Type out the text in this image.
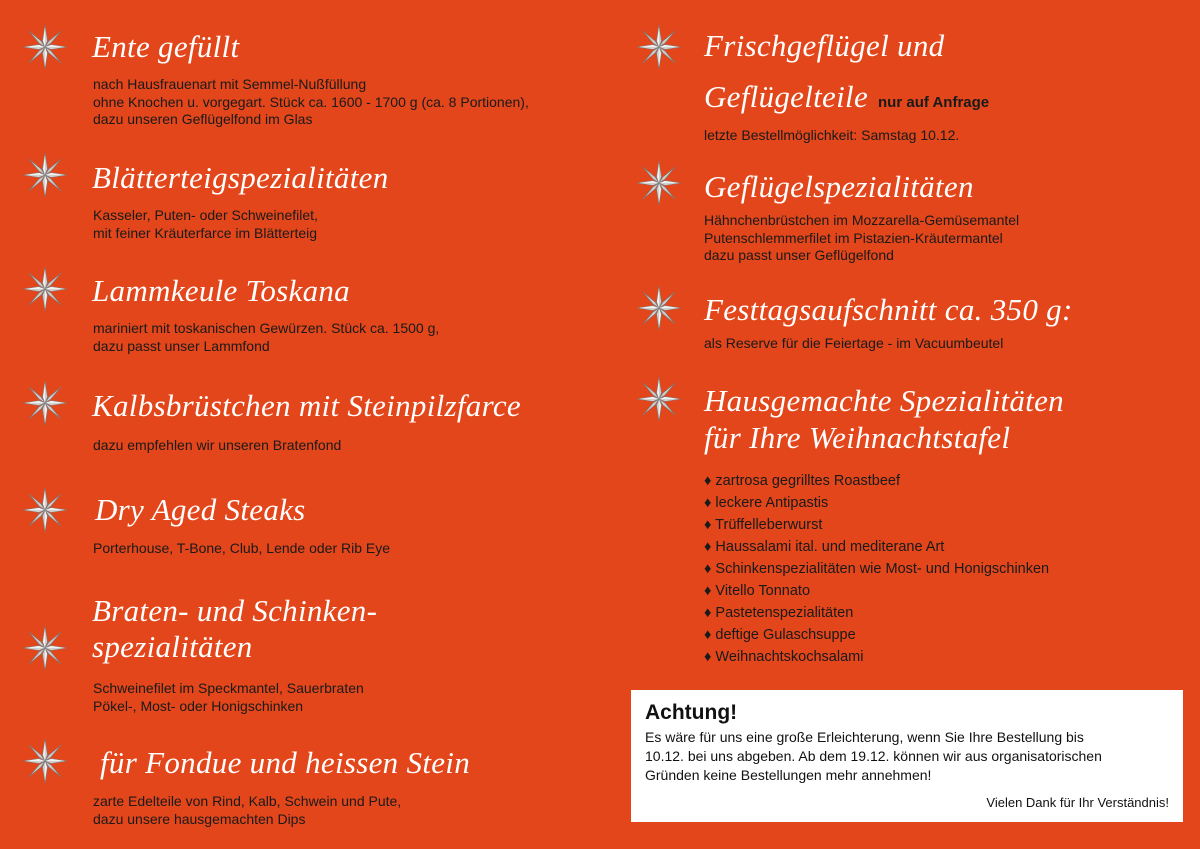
Ente gefüllt
nach Hausfrauenart mit Semmel-Nußfüllung
ohne Knochen u. vorgegart. Stück ca. 1600 - 1700 g (ca. 8 Portionen),
dazu unseren Geflügelfond im Glas
Blätterteigspezialitäten
Kasseler, Puten- oder Schweinefilet,
mit feiner Kräuterfarce im Blätterteig
Lammkeule Toskana
mariniert mit toskanischen Gewürzen. Stück ca. 1500 g,
dazu passt unser Lammfond
Kalbsbrüstchen mit Steinpilzfarce
dazu empfehlen wir unseren Bratenfond
Dry Aged Steaks
Porterhouse, T-Bone, Club, Lende oder Rib Eye
Braten- und Schinken-
spezialitäten
Schweinefilet im Speckmantel, Sauerbraten
Pökel-, Most- oder Honigschinken
für Fondue und heissen Stein
zarte Edelteile von Rind, Kalb, Schwein und Pute,
dazu unsere hausgemachten Dips
Frischgeflügel und
Geflügelteile nur auf Anfrage
letzte Bestellmöglichkeit: Samstag 10.12.
Geflügelspezialitäten
Hähnchenbrüstchen im Mozzarella-Gemüsemantel
Putenschlemmerfilet im Pistazien-Kräutermantel
dazu passt unser Geflügelfond
Festtagsaufschnitt ca. 350 g:
als Reserve für die Feiertage - im Vacuumbeutel
Hausgemachte Spezialitäten
für Ihre Weihnachtstafel
♦ zartrosa gegrilltes Roastbeef
♦ leckere Antipastis
♦ Trüffelleberwurst
♦ Haussalami ital. und mediterane Art
♦ Schinkenspezialitäten wie Most- und Honigschinken
♦ Vitello Tonnato
♦ Pastetenspezialitäten
♦ deftige Gulaschsuppe
♦ Weihnachtskochsalami
Achtung!
Es wäre für uns eine große Erleichterung, wenn Sie Ihre Bestellung bis
10.12. bei uns abgeben. Ab dem 19.12. können wir aus organisatorischen
Gründen keine Bestellungen mehr annehmen!
Vielen Dank für Ihr Verständnis!
